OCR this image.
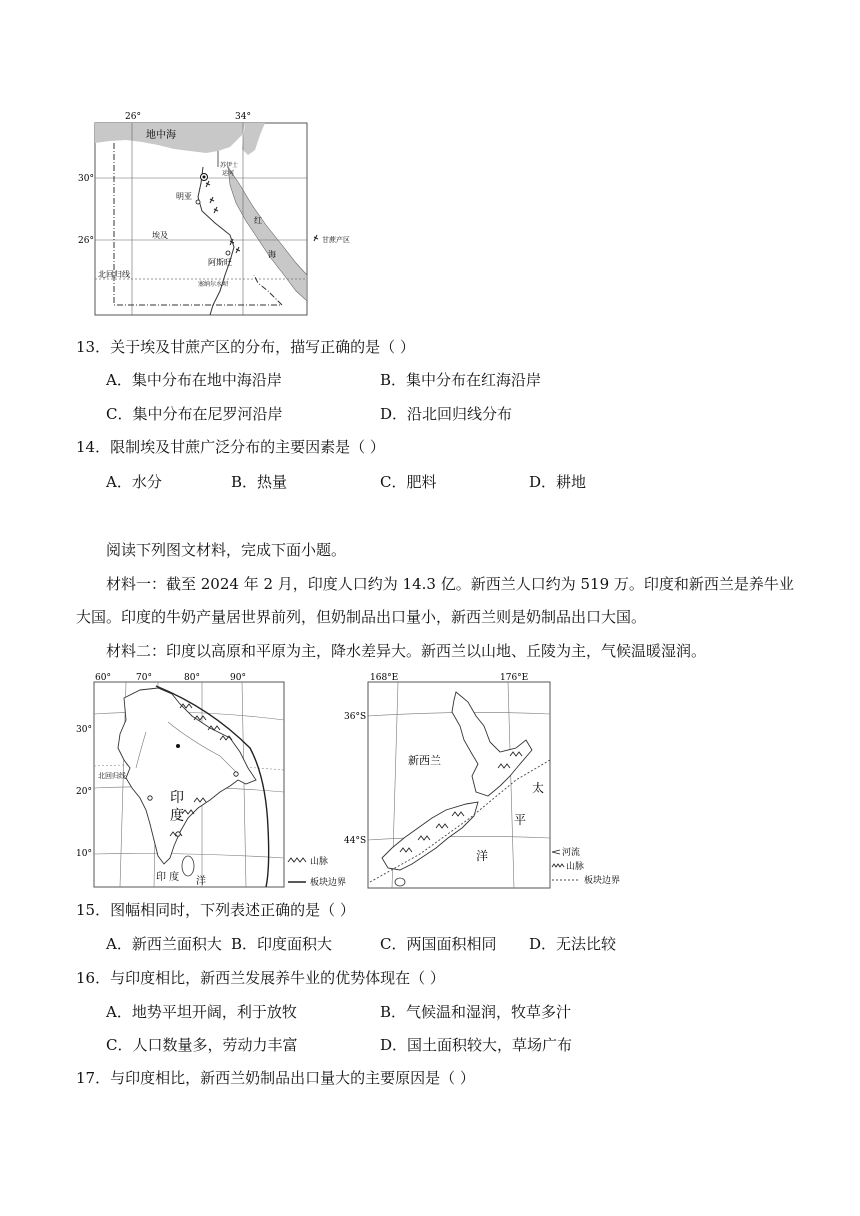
26°	34°
30°
26°
地中海
苏伊士
运河
明亚
埃及
阿斯旺
北回归线
塞纳尔水坝
红
海
甘蔗产区
13．关于埃及甘蔗产区的分布，描写正确的是（ ）
A．集中分布在地中海沿岸	B．集中分布在红海沿岸
C．集中分布在尼罗河沿岸	D．沿北回归线分布
14．限制埃及甘蔗广泛分布的主要因素是（ ）
A．水分	B．热量	C．肥料	D．耕地
阅读下列图文材料，完成下面小题。
材料一：截至 2024 年 2 月，印度人口约为 14.3 亿。新西兰人口约为 519 万。印度和新西兰是养牛业
大国。印度的牛奶产量居世界前列，但奶制品出口量小，新西兰则是奶制品出口大国。
材料二：印度以高原和平原为主，降水差异大。新西兰以山地、丘陵为主，气候温暖湿润。
60°	70°	80°	90°
30°
20°
10°
北回归线
印
度
印 度 洋
山脉
板块边界
168°E	176°E
36°S
44°S
新西兰
太
平
洋	河流
山脉
板块边界
15．图幅相同时，下列表述正确的是（ ）
A．新西兰面积大 B．印度面积大	C．两国面积相同 D．无法比较
16．与印度相比，新西兰发展养牛业的优势体现在（ ）
A．地势平坦开阔，利于放牧	B．气候温和湿润，牧草多汁
C．人口数量多，劳动力丰富	D．国土面积较大，草场广布
17．与印度相比，新西兰奶制品出口量大的主要原因是（ ）
